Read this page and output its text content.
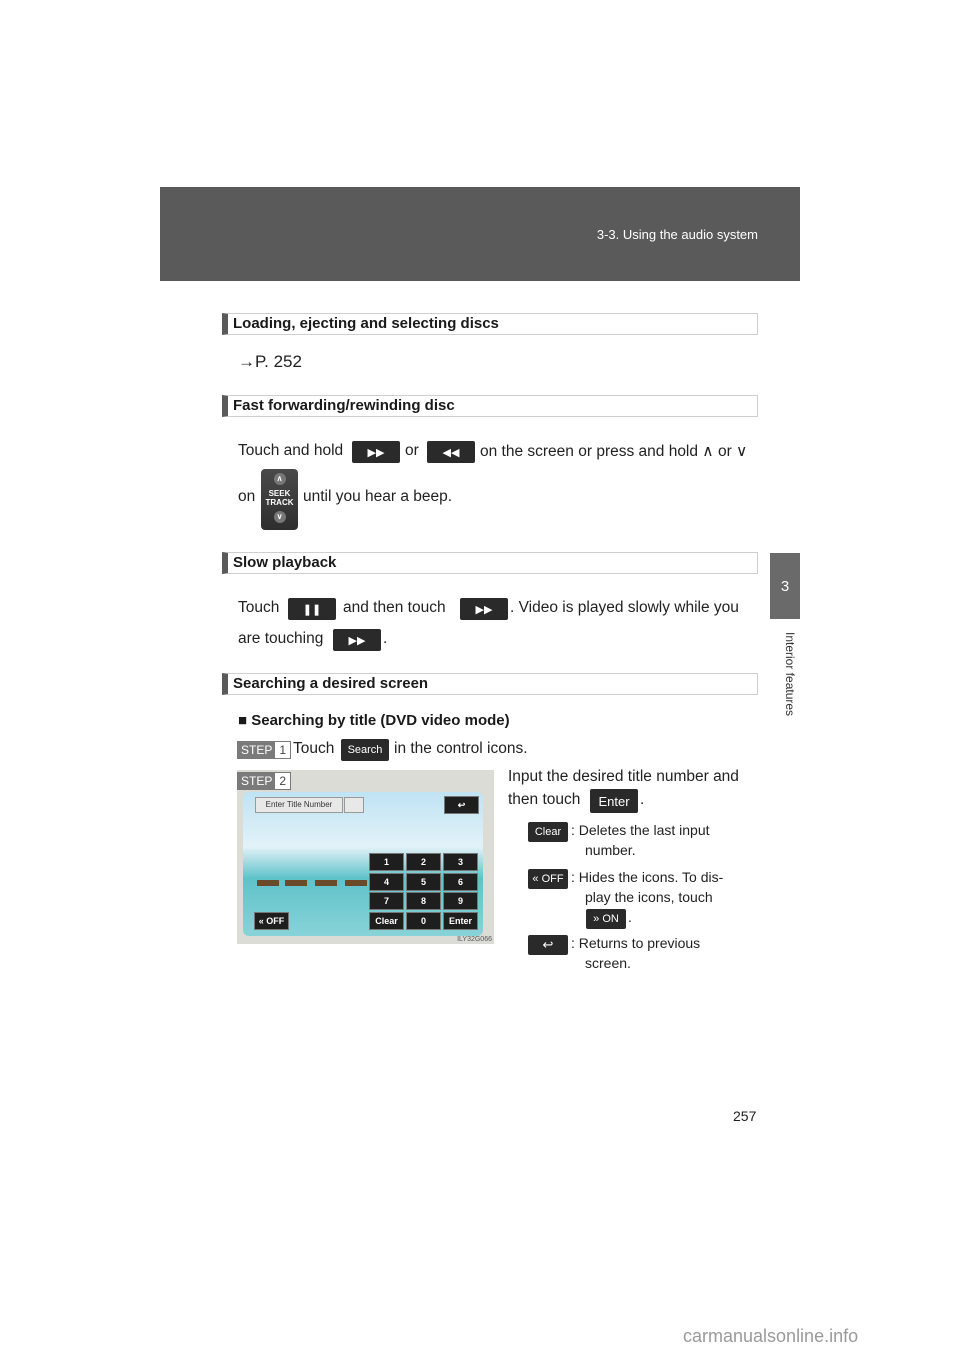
3-3. Using the audio system
3
Interior features
Loading, ejecting and selecting discs
→P. 252
Fast forwarding/rewinding disc
Touch and hold	▶▶	or	◀◀	on the screen or press and hold ∧ or ∨
on
∧
SEEK TRACK
∨
until you hear a beep.
Slow playback
Touch	❚❚	and then touch	▶▶	. Video is played slowly while you
are touching	▶▶	.
Searching a desired screen
■ Searching by title (DVD video mode)
STEP 1 Touch	Search in the control icons.
STEP 2
Enter Title Number	↩
1	2	3
4	5	6
7	8	9
Clear	0	Enter
« OFF
ILY32G066
Input the desired title number and
then touch	Enter .
Clear : Deletes the last input
number.
« OFF : Hides the icons. To dis-
play the icons, touch
» ON .
↩	: Returns to previous
screen.
257
carmanualsonline.info
